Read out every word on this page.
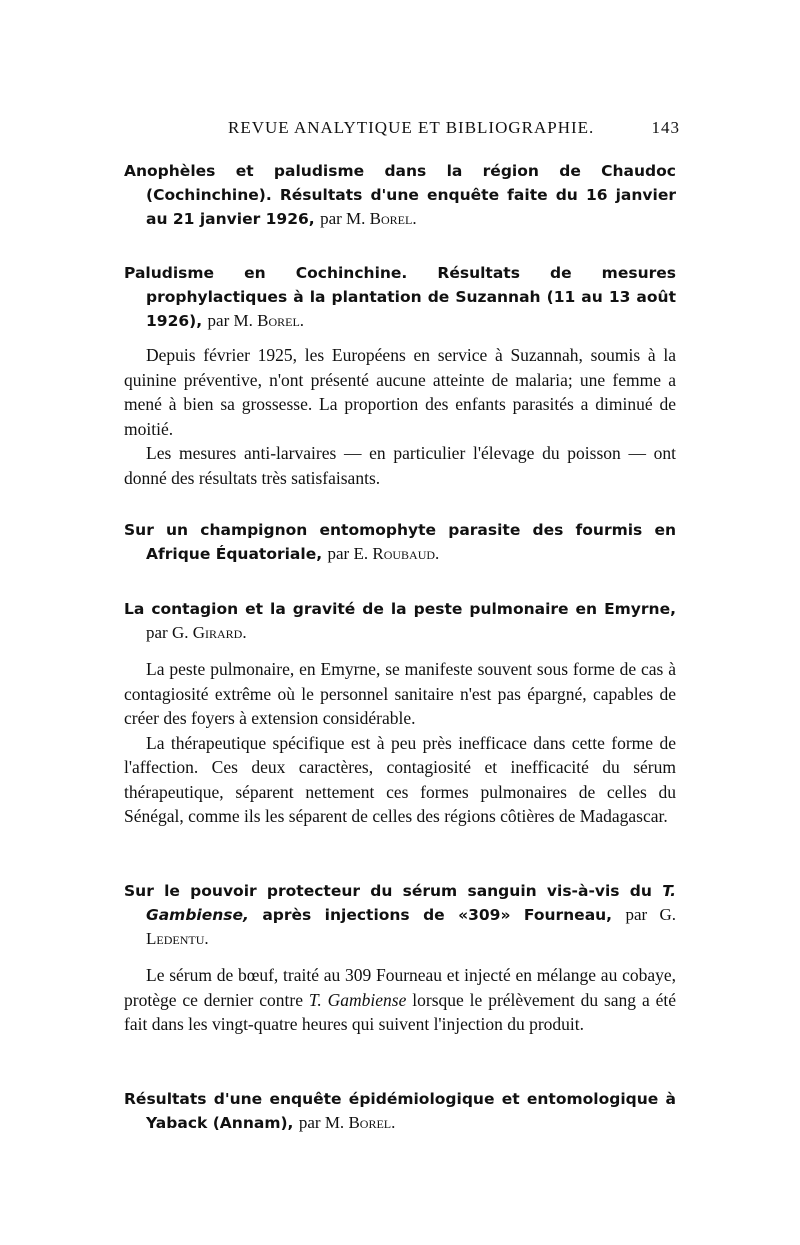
REVUE ANALYTIQUE ET BIBLIOGRAPHIE.	143
Anophèles et paludisme dans la région de Chaudoc (Cochinchine). Résultats d'une enquête faite du 16 janvier au 21 janvier 1926, par M. Borel.
Paludisme en Cochinchine. Résultats de mesures prophylactiques à la plantation de Suzannah (11 au 13 août 1926), par M. Borel.

Depuis février 1925, les Européens en service à Suzannah, soumis à la quinine préventive, n'ont présenté aucune atteinte de malaria; une femme a mené à bien sa grossesse. La proportion des enfants parasités a diminué de moitié.

Les mesures anti-larvaires — en particulier l'élevage du poisson — ont donné des résultats très satisfaisants.

Sur un champignon entomophyte parasite des fourmis en Afrique Équatoriale, par E. Roubaud.
La contagion et la gravité de la peste pulmonaire en Emyrne, par G. Girard.

La peste pulmonaire, en Emyrne, se manifeste souvent sous forme de cas à contagiosité extrême où le personnel sanitaire n'est pas épargné, capables de créer des foyers à extension considérable.

La thérapeutique spécifique est à peu près inefficace dans cette forme de l'affection. Ces deux caractères, contagiosité et inefficacité du sérum thérapeutique, séparent nettement ces formes pulmonaires de celles du Sénégal, comme ils les séparent de celles des régions côtières de Madagascar.

Sur le pouvoir protecteur du sérum sanguin vis-à-vis du T. Gambiense, après injections de «309» Fourneau, par G. Ledentu.

Le sérum de bœuf, traité au 309 Fourneau et injecté en mélange au cobaye, protège ce dernier contre T. Gambiense lorsque le prélèvement du sang a été fait dans les vingt-quatre heures qui suivent l'injection du produit.

Résultats d'une enquête épidémiologique et entomologique à Yaback (Annam), par M. Borel.
